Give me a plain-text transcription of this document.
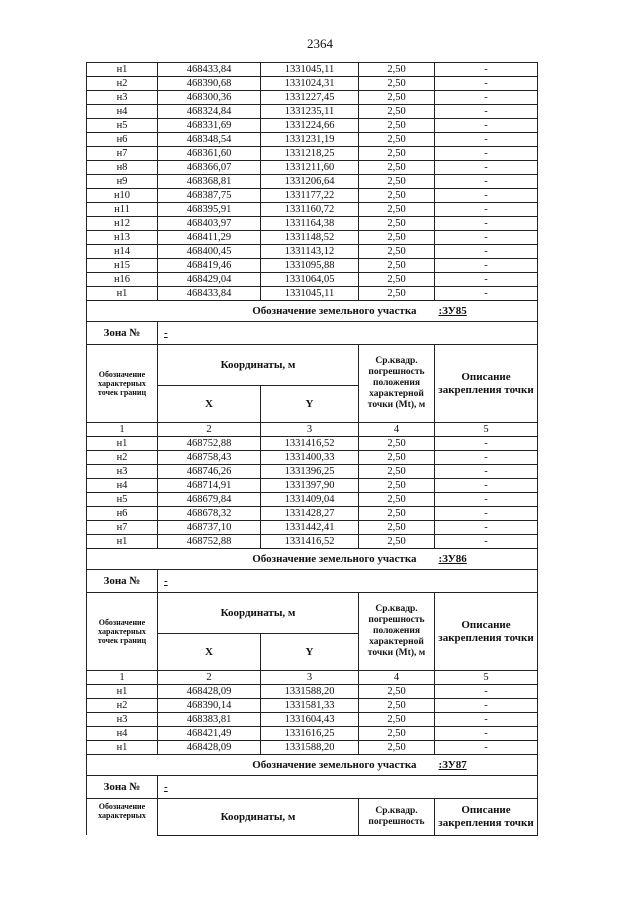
2364
н1	468433,84	1331045,11	2,50	-
н2	468390,68	1331024,31	2,50	-
н3	468300,36	1331227,45	2,50	-
н4	468324,84	1331235,11	2,50	-
н5	468331,69	1331224,66	2,50	-
н6	468348,54	1331231,19	2,50	-
н7	468361,60	1331218,25	2,50	-
н8	468366,07	1331211,60	2,50	-
н9	468368,81	1331206,64	2,50	-
н10	468387,75	1331177,22	2,50	-
н11	468395,91	1331160,72	2,50	-
н12	468403,97	1331164,38	2,50	-
н13	468411,29	1331148,52	2,50	-
н14	468400,45	1331143,12	2,50	-
н15	468419,46	1331095,88	2,50	-
н16	468429,04	1331064,05	2,50	-
н1	468433,84	1331045,11	2,50	-
Обозначение земельного участка				:ЗУ85
Зона №	-			
Обозначение характерных точек границ	Координаты, м		Ср.квадр. погрешность положения характерной точки (Мt), м	Описание закрепления точки
	X	Y		
1	2	3	4	5
н1	468752,88	1331416,52	2,50	-
н2	468758,43	1331400,33	2,50	-
н3	468746,26	1331396,25	2,50	-
н4	468714,91	1331397,90	2,50	-
н5	468679,84	1331409,04	2,50	-
н6	468678,32	1331428,27	2,50	-
н7	468737,10	1331442,41	2,50	-
н1	468752,88	1331416,52	2,50	-
Обозначение земельного участка				:ЗУ86
Зона №	-			
Обозначение характерных точек границ	Координаты, м		Ср.квадр. погрешность положения характерной точки (Мt), м	Описание закрепления точки
	X	Y		
1	2	3	4	5
н1	468428,09	1331588,20	2,50	-
н2	468390,14	1331581,33	2,50	-
н3	468383,81	1331604,43	2,50	-
н4	468421,49	1331616,25	2,50	-
н1	468428,09	1331588,20	2,50	-
Обозначение земельного участка				:ЗУ87
Зона №	-			
Обозначение
характерных	Координаты, м		Ср.квадр. погрешность	Описание закрепления точки
